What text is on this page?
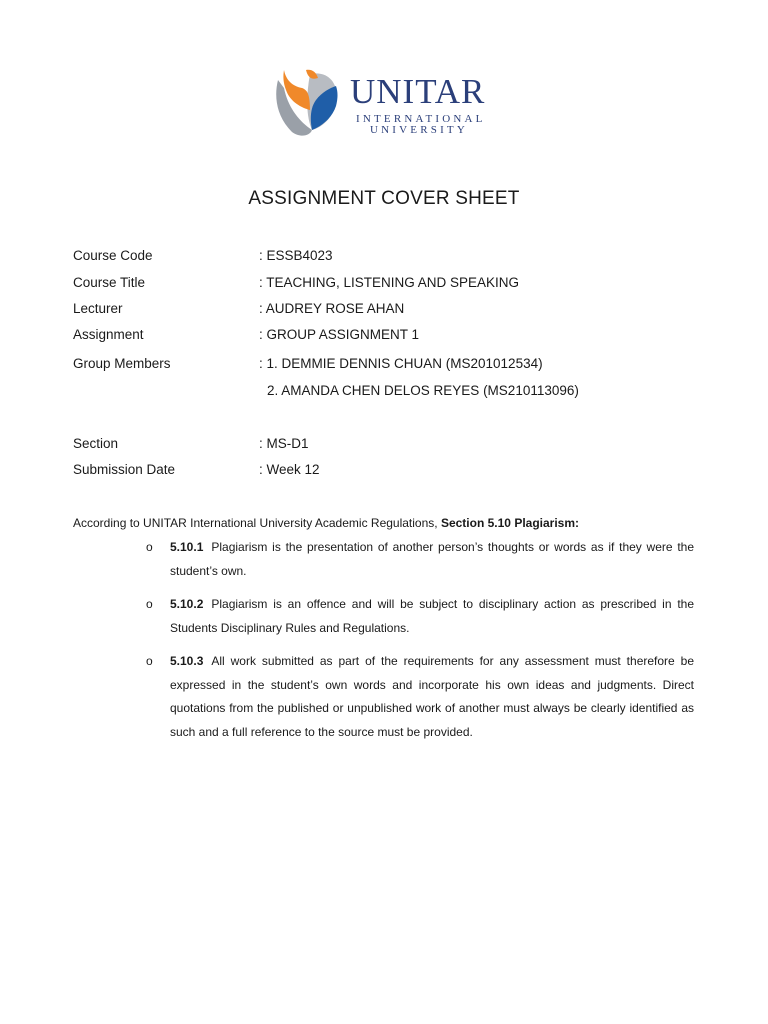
UNITAR
INTERNATIONAL
UNIVERSITY
ASSIGNMENT COVER SHEET
Course Code	: ESSB4023
Course Title	: TEACHING, LISTENING AND SPEAKING
Lecturer	: AUDREY ROSE AHAN
Assignment	: GROUP ASSIGNMENT 1
Group Members	: 1. DEMMIE DENNIS CHUAN (MS201012534)
2. AMANDA CHEN DELOS REYES (MS210113096)
Section	: MS-D1
Submission Date	: Week 12
According to UNITAR International University Academic Regulations, Section 5.10 Plagiarism:
o 5.10.1 Plagiarism is the presentation of another person’s thoughts or words as if they were the student’s own.
o 5.10.2 Plagiarism is an offence and will be subject to disciplinary action as prescribed in the Students Disciplinary Rules and Regulations.
o 5.10.3 All work submitted as part of the requirements for any assessment must therefore be expressed in the student’s own words and incorporate his own ideas and judgments. Direct quotations from the published or unpublished work of another must always be clearly identified as such and a full reference to the source must be provided.
